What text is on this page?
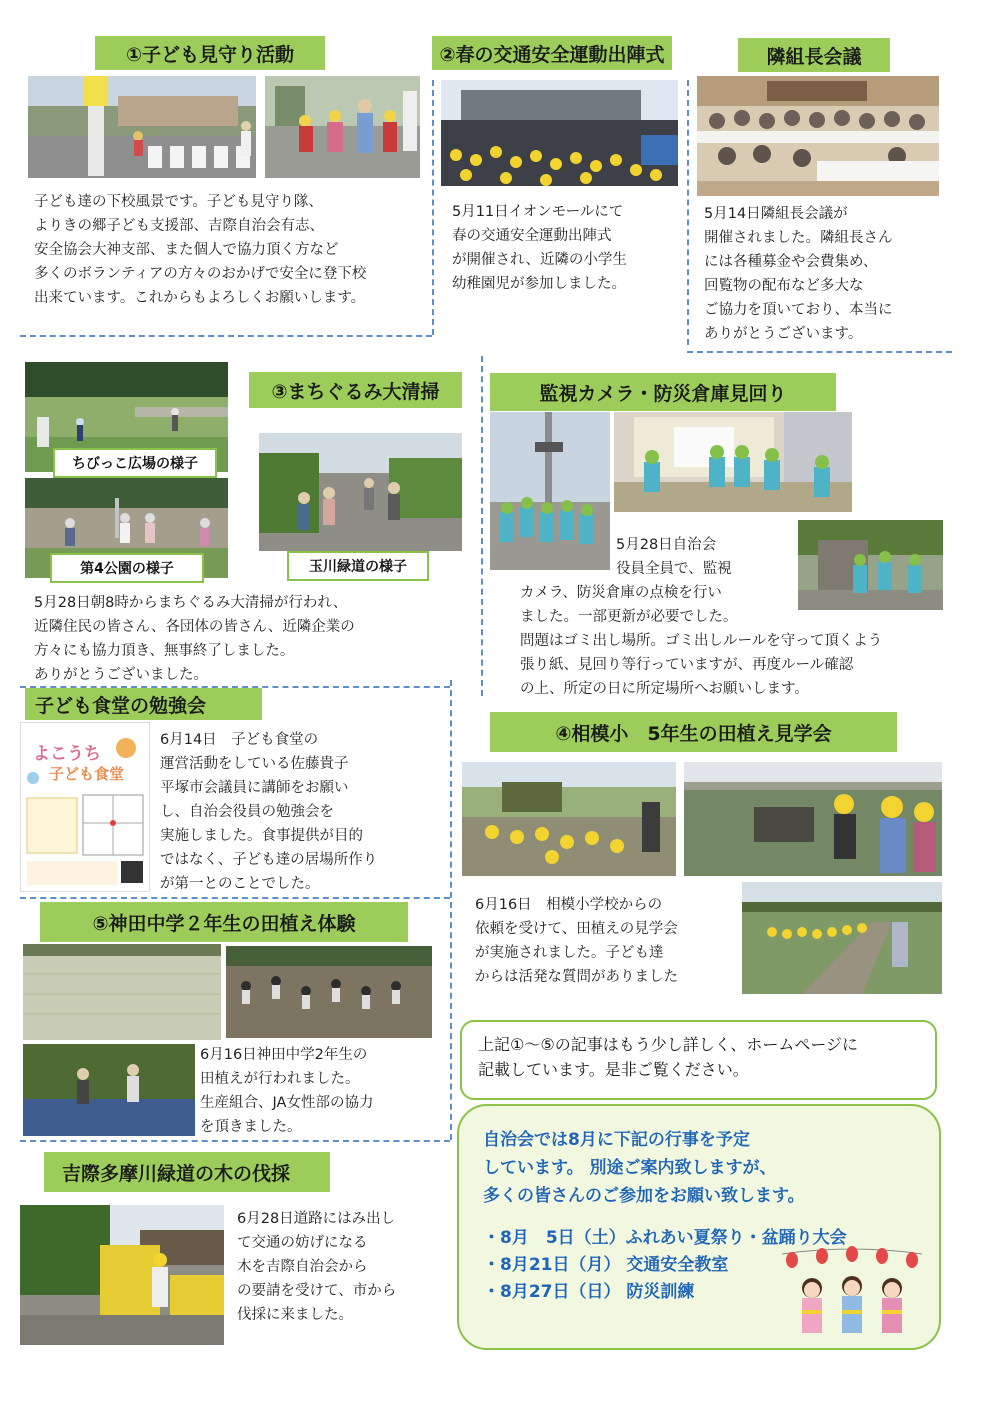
①子ども見守り活動	②春の交通安全運動出陣式	隣組長会議
子ども達の下校風景です。子ども見守り隊、
よりきの郷子ども支援部、吉際自治会有志、
安全協会大神支部、また個人で協力頂く方など
多くのボランティアの方々のおかげで安全に登下校
出来ています。これからもよろしくお願いします。
5月11日イオンモールにて
春の交通安全運動出陣式
が開催され、近隣の小学生
幼稚園児が参加しました。
5月14日隣組長会議が
開催されました。隣組長さん
には各種募金や会費集め、
回覧物の配布など多大な
ご協力を頂いており、本当に
ありがとうございます。
ちびっこ広場の様子
第4公園の様子
③まちぐるみ大清掃
玉川緑道の様子
5月28日朝8時からまちぐるみ大清掃が行われ、
近隣住民の皆さん、各団体の皆さん、近隣企業の
方々にも協力頂き、無事終了しました。
ありがとうございました。
監視カメラ・防災倉庫見回り
5月28日自治会
役員全員で、監視
カメラ、防災倉庫の点検を行い
ました。一部更新が必要でした。
問題はゴミ出し場所。ゴミ出しルールを守って頂くよう
張り紙、見回り等行っていますが、再度ルール確認
の上、所定の日に所定場所へお願いします。
子ども食堂の勉強会
よこうち
子ども食堂
6月14日　子ども食堂の
運営活動をしている佐藤貴子
平塚市会議員に講師をお願い
し、自治会役員の勉強会を
実施しました。食事提供が目的
ではなく、子ども達の居場所作り
が第一とのことでした。
④相模小　5年生の田植え見学会
6月16日　相模小学校からの
依頼を受けて、田植えの見学会
が実施されました。子ども達
からは活発な質問がありました
⑤神田中学２年生の田植え体験
6月16日神田中学2年生の
田植えが行われました。
生産組合、JA女性部の協力
を頂きました。
吉際多摩川緑道の木の伐採
6月28日道路にはみ出し
て交通の妨げになる
木を吉際自治会から
の要請を受けて、市から
伐採に来ました。
上記①～⑤の記事はもう少し詳しく、ホームページに
記載しています。是非ご覧ください。
自治会では8月に下記の行事を予定
しています。 別途ご案内致しますが、
多くの皆さんのご参加をお願い致します。
・8月　5日（土）ふれあい夏祭り・盆踊り大会
・8月21日（月） 交通安全教室
・8月27日（日） 防災訓練
